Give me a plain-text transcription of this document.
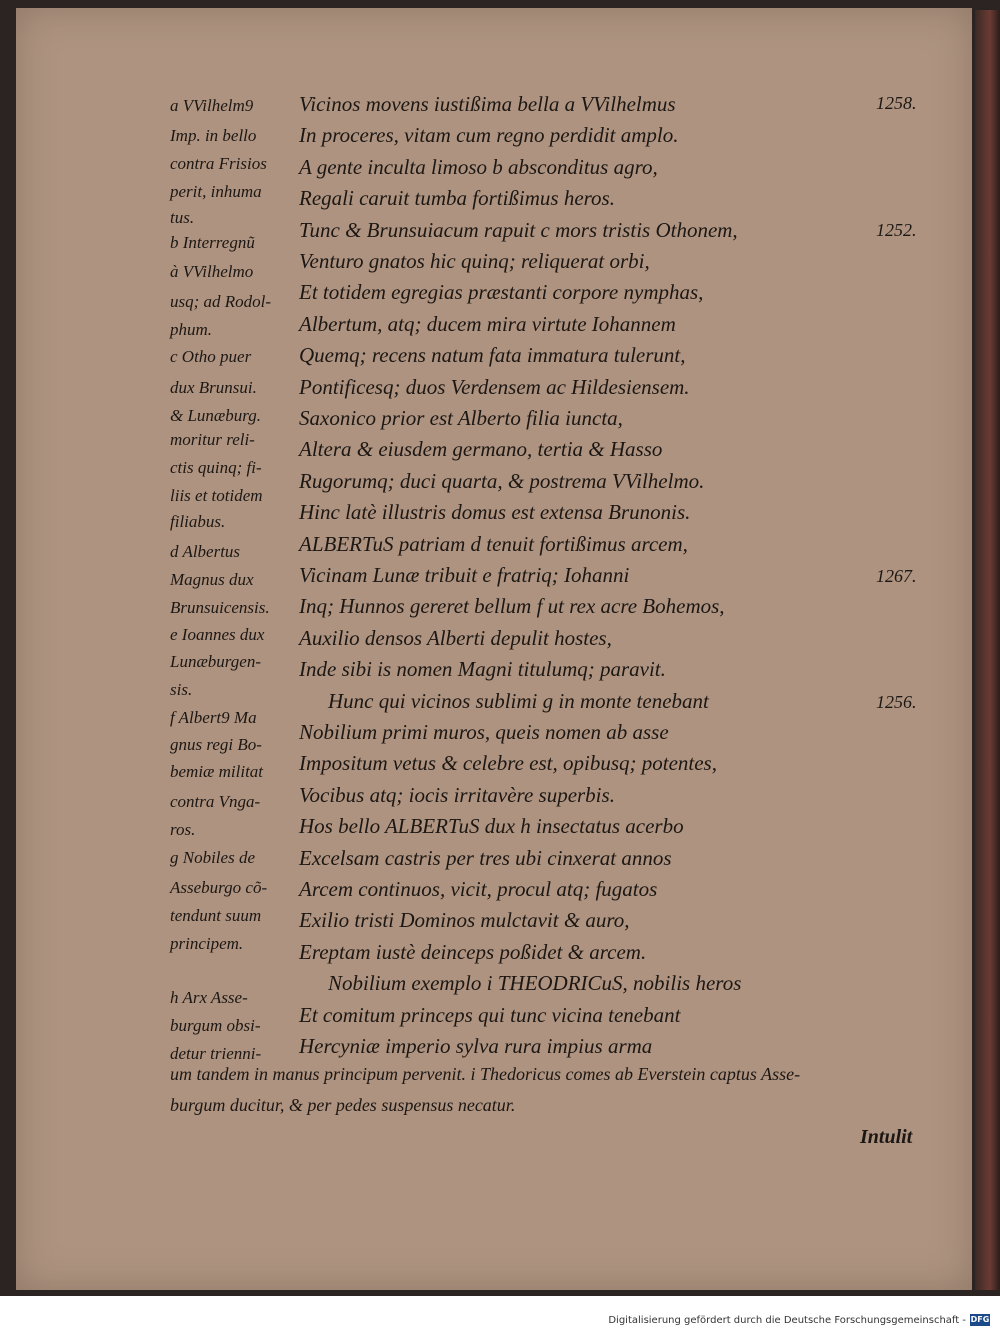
Vicinos movens iustißima bella a VVilhelmus
In proceres, vitam cum regno perdidit amplo.
A gente inculta limoso b absconditus agro,
Regali caruit tumba fortißimus heros.
Tunc & Brunsuiacum rapuit c mors tristis Othonem,
Venturo gnatos hic quinq; reliquerat orbi,
Et totidem egregias præstanti corpore nymphas,
Albertum, atq; ducem mira virtute Iohannem
Quemq; recens natum fata immatura tulerunt,
Pontificesq; duos Verdensem ac Hildesiensem.
Saxonico prior est Alberto filia iuncta,
Altera & eiusdem germano, tertia & Hasso
Rugorumq; duci quarta, & postrema VVilhelmo.
Hinc latè illustris domus est extensa Brunonis.
ALBERTuS patriam d tenuit fortißimus arcem,
Vicinam Lunæ tribuit e fratriq; Iohanni
Inq; Hunnos gereret bellum f ut rex acre Bohemos,
Auxilio densos Alberti depulit hostes,
Inde sibi is nomen Magni titulumq; paravit.
Hunc qui vicinos sublimi g in monte tenebant
Nobilium primi muros, queis nomen ab asse
Impositum vetus & celebre est, opibusq; potentes,
Vocibus atq; iocis irritavère superbis.
Hos bello ALBERTuS dux h insectatus acerbo
Excelsam castris per tres ubi cinxerat annos
Arcem continuos, vicit, procul atq; fugatos
Exilio tristi Dominos mulctavit & auro,
Ereptam iustè deinceps poßidet & arcem.
Nobilium exemplo i THEODRICuS, nobilis heros
Et comitum princeps qui tunc vicina tenebant
Hercyniæ imperio sylva rura impius arma
a VVilhelm9
Imp. in bello
contra Frisios
perit, inhuma
tus.
b Interregnũ
à VVilhelmo
usq; ad Rodol-
phum.
c Otho puer
dux Brunsui.
& Lunæburg.
moritur reli-
ctis quinq; fi-
liis et totidem
filiabus.
d Albertus
Magnus dux
Brunsuicensis.
e Ioannes dux
Lunæburgen-
sis.
f Albert9 Ma
gnus regi Bo-
bemiæ militat
contra Vnga-
ros.
g Nobiles de
Asseburgo cõ-
tendunt suum
principem.
h Arx Asse-
burgum obsi-
detur trienni-
1258.
1252.
1267.
1256.
um tandem in manus principum pervenit. i Thedoricus comes ab Everstein captus Asse-
burgum ducitur, & per pedes suspensus necatur.
Intulit
Digitalisierung gefördert durch die Deutsche Forschungsgemeinschaft - DFG
